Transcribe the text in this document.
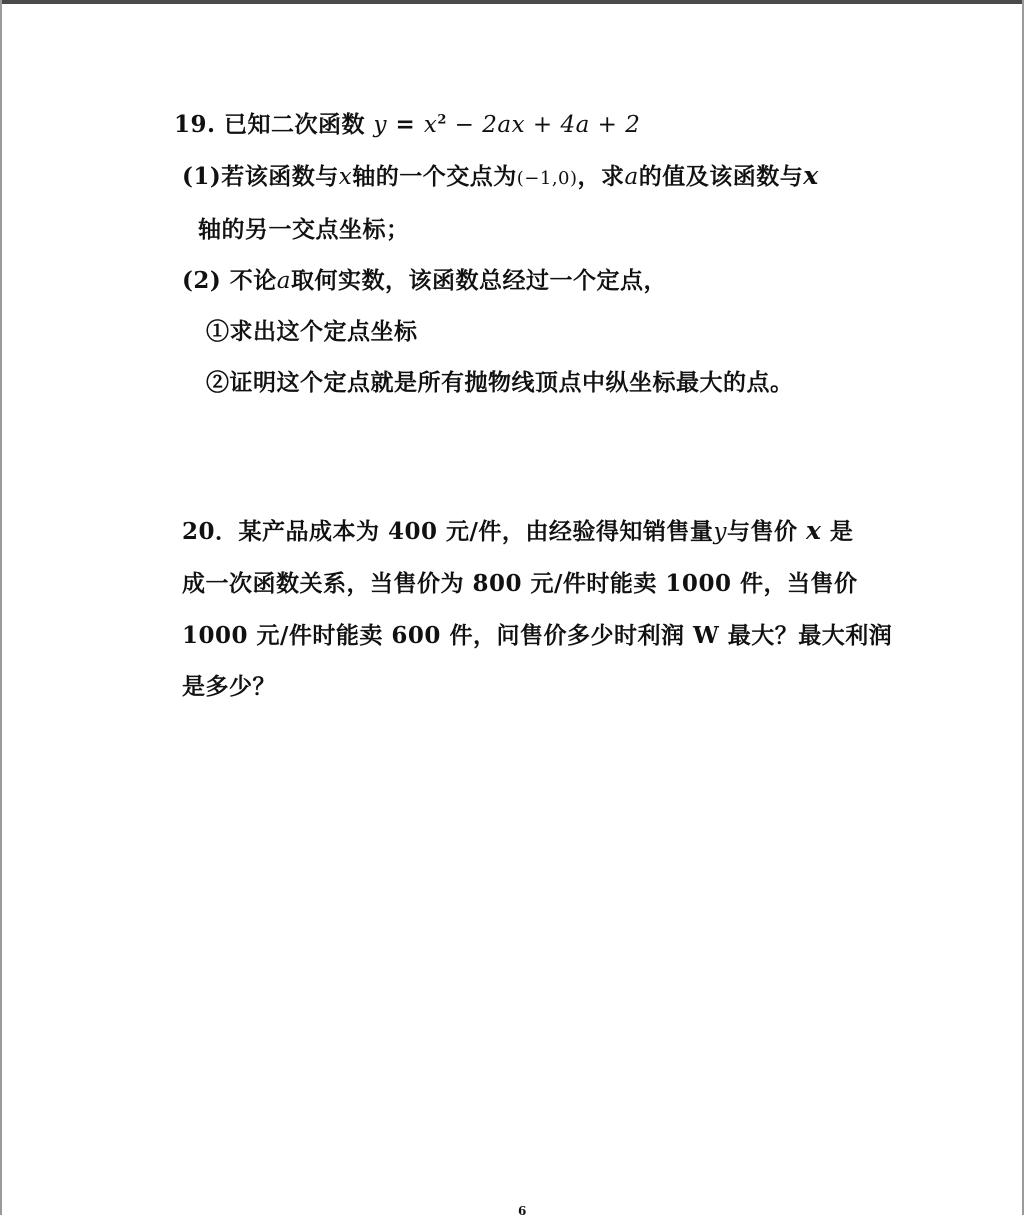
19. 已知二次函数 $y = x^2 - 2ax + 4a + 2$
(1)若该函数与x轴的一个交点为(−1,0)，求a的值及该函数与x
轴的另一交点坐标；
(2) 不论a取何实数，该函数总经过一个定点，
①求出这个定点坐标
②证明这个定点就是所有抛物线顶点中纵坐标最大的点。
20．某产品成本为 400 元/件，由经验得知销售量y与售价 x 是
成一次函数关系，当售价为 800 元/件时能卖 1000 件，当售价
1000 元/件时能卖 600 件，问售价多少时利润 W 最大？最大利润
是多少？
6
